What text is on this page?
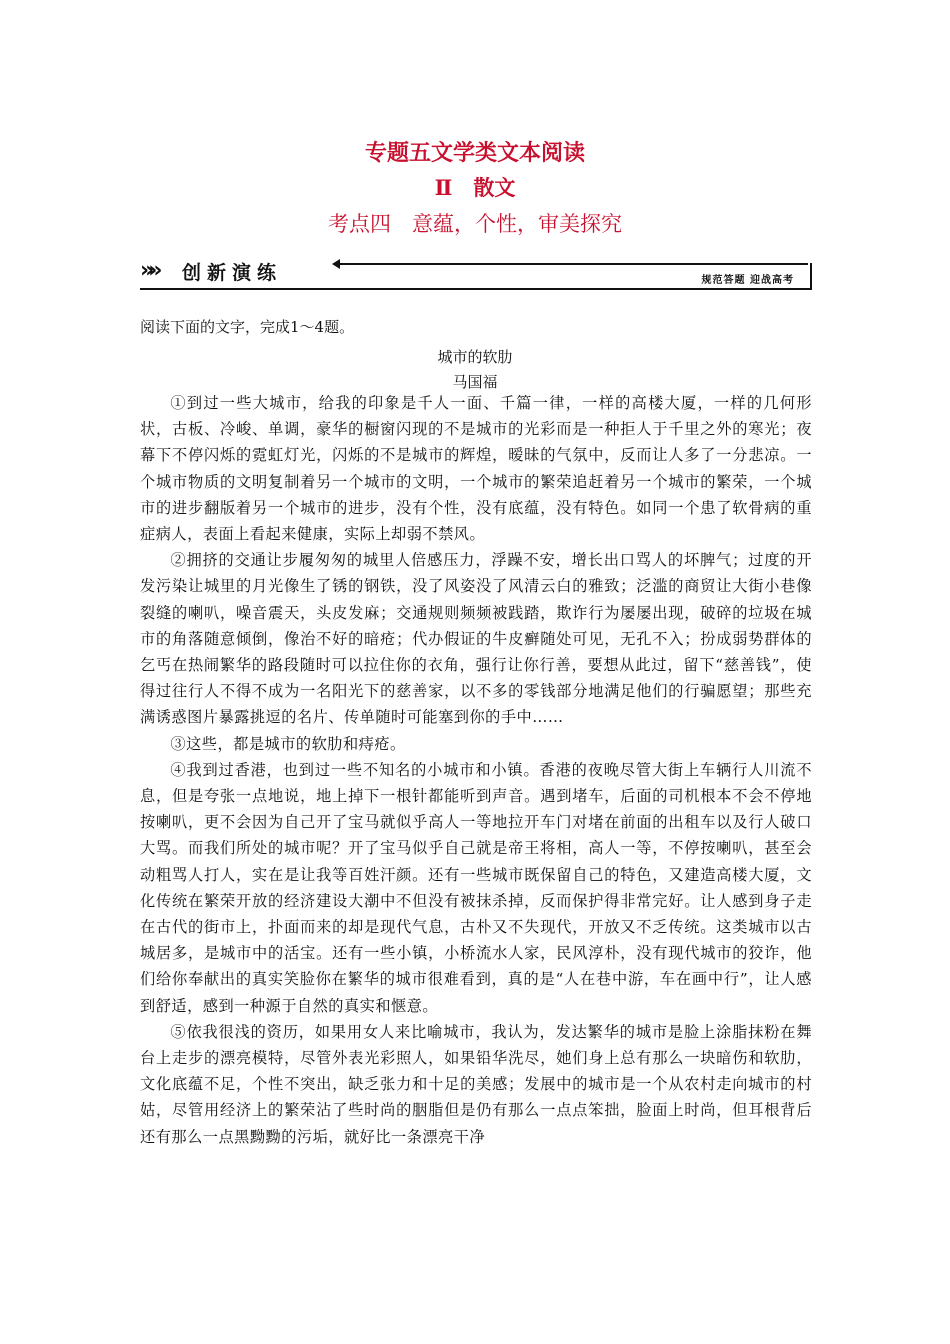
专题五文学类文本阅读
Ⅱ　散文
考点四　意蕴，个性，审美探究
»» 创新演练	规范答题 迎战高考
阅读下面的文字，完成1～4题。
城市的软肋
马国福

①到过一些大城市，给我的印象是千人一面、千篇一律，一样的高楼大厦，一样的几何形状，古板、冷峻、单调，豪华的橱窗闪现的不是城市的光彩而是一种拒人于千里之外的寒光；夜幕下不停闪烁的霓虹灯光，闪烁的不是城市的辉煌，暧昧的气氛中，反而让人多了一分悲凉。一个城市物质的文明复制着另一个城市的文明，一个城市的繁荣追赶着另一个城市的繁荣，一个城市的进步翻版着另一个城市的进步，没有个性，没有底蕴，没有特色。如同一个患了软骨病的重症病人，表面上看起来健康，实际上却弱不禁风。

②拥挤的交通让步履匆匆的城里人倍感压力，浮躁不安，增长出口骂人的坏脾气；过度的开发污染让城里的月光像生了锈的钢铁，没了风姿没了风清云白的雅致；泛滥的商贸让大街小巷像裂缝的喇叭，噪音震天，头皮发麻；交通规则频频被践踏，欺诈行为屡屡出现，破碎的垃圾在城市的角落随意倾倒，像治不好的暗疮；代办假证的牛皮癣随处可见，无孔不入；扮成弱势群体的乞丐在热闹繁华的路段随时可以拉住你的衣角，强行让你行善，要想从此过，留下“慈善钱”，使得过往行人不得不成为一名阳光下的慈善家，以不多的零钱部分地满足他们的行骗愿望；那些充满诱惑图片暴露挑逗的名片、传单随时可能塞到你的手中……

③这些，都是城市的软肋和痔疮。

④我到过香港，也到过一些不知名的小城市和小镇。香港的夜晚尽管大街上车辆行人川流不息，但是夸张一点地说，地上掉下一根针都能听到声音。遇到堵车，后面的司机根本不会不停地按喇叭，更不会因为自己开了宝马就似乎高人一等地拉开车门对堵在前面的出租车以及行人破口大骂。而我们所处的城市呢？开了宝马似乎自己就是帝王将相，高人一等，不停按喇叭，甚至会动粗骂人打人，实在是让我等百姓汗颜。还有一些城市既保留自己的特色，又建造高楼大厦，文化传统在繁荣开放的经济建设大潮中不但没有被抹杀掉，反而保护得非常完好。让人感到身子走在古代的街市上，扑面而来的却是现代气息，古朴又不失现代，开放又不乏传统。这类城市以古城居多，是城市中的活宝。还有一些小镇，小桥流水人家，民风淳朴，没有现代城市的狡诈，他们给你奉献出的真实笑脸你在繁华的城市很难看到，真的是“人在巷中游，车在画中行”，让人感到舒适，感到一种源于自然的真实和惬意。

⑤依我很浅的资历，如果用女人来比喻城市，我认为，发达繁华的城市是脸上涂脂抹粉在舞台上走步的漂亮模特，尽管外表光彩照人，如果铅华洗尽，她们身上总有那么一块暗伤和软肋，文化底蕴不足，个性不突出，缺乏张力和十足的美感；发展中的城市是一个从农村走向城市的村姑，尽管用经济上的繁荣沾了些时尚的胭脂但是仍有那么一点点笨拙，脸面上时尚，但耳根背后还有那么一点黑黝黝的污垢，就好比一条漂亮干净
